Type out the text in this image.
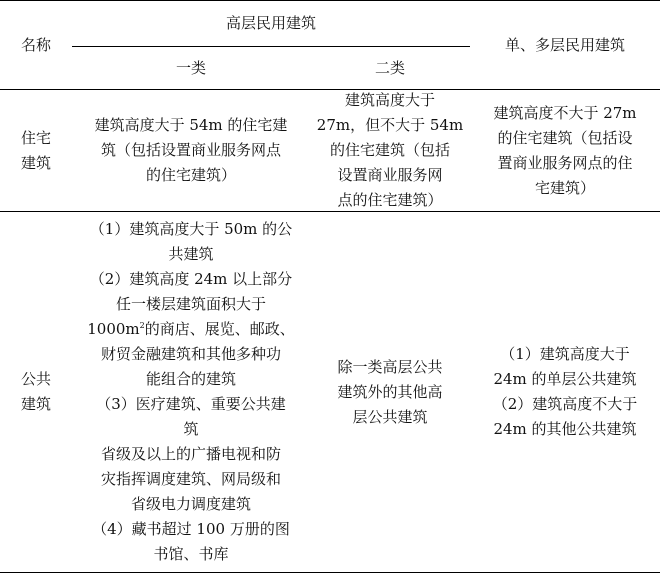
名称
高层民用建筑
一类	二类
单、多层民用建筑
住宅
建筑
建筑高度大于 54m 的住宅建
筑（包括设置商业服务网点
的住宅建筑）
建筑高度大于
27m，但不大于 54m
的住宅建筑（包括
设置商业服务网
点的住宅建筑）
建筑高度不大于 27m
的住宅建筑（包括设
置商业服务网点的住
宅建筑）
公共
建筑
（1）建筑高度大于 50m 的公
共建筑
（2）建筑高度 24m 以上部分
任一楼层建筑面积大于
$1000m^2$的商店、展览、邮政、
财贸金融建筑和其他多种功
能组合的建筑
（3）医疗建筑、重要公共建
筑
省级及以上的广播电视和防
灾指挥调度建筑、网局级和
省级电力调度建筑
（4）藏书超过 100 万册的图
书馆、书库
除一类高层公共
建筑外的其他高
层公共建筑
（1）建筑高度大于
24m 的单层公共建筑
（2）建筑高度不大于
24m 的其他公共建筑
